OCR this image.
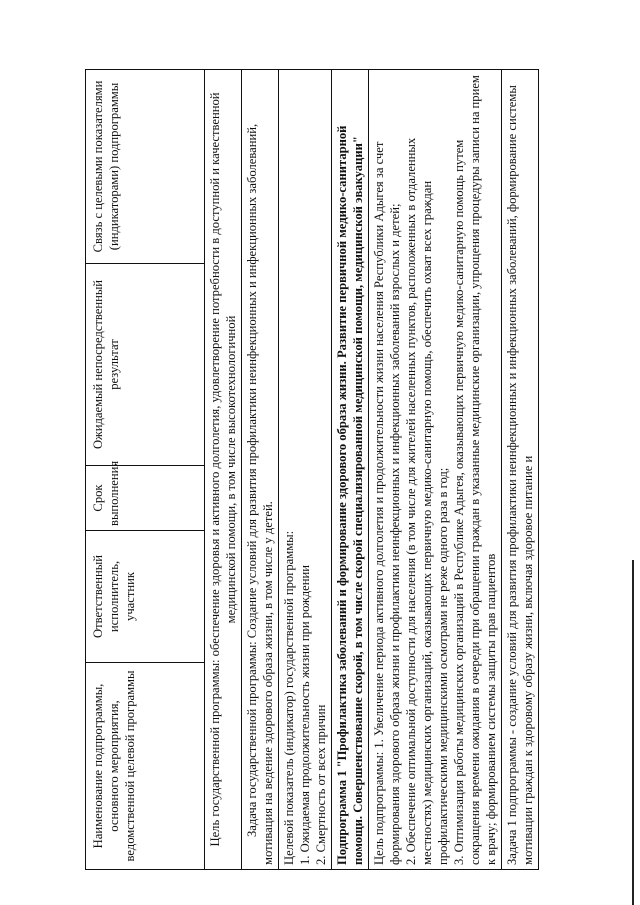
Наименование подпрограммы, основного мероприятия, ведомственной целевой программы	Ответственный исполнитель, участник	Срок выполнения	Ожидаемый непосредственный результат	Связь с целевыми показателями (индикаторами) подпрограммы
Цель государственной программы: обеспечение здоровья и активного долголетия, удовлетворение потребности в доступной и качественной медицинской помощи, в том числе высокотехнологичной
Задача государственной программы: Создание условий для развития профилактики неинфекционных и инфекционных заболеваний, мотивация на ведение здорового образа жизни, в том числе у детей.

Целевой показатель (индикатор) государственной программы: 1. Ожидаемая продолжительность жизни при рождении 2. Смертность от всех причин

Подпрограмма 1 "Профилактика заболеваний и формирование здорового образа жизни. Развитие первичной медико-санитарной помощи. Совершенствование скорой, в том числе скорой специализированной медицинской помощи, медицинской эвакуации"

Цель подпрограммы: 1. Увеличение периода активного долголетия и продолжительности жизни населения Республики Адыгея за счет формирования здорового образа жизни и профилактики неинфекционных и инфекционных заболеваний взрослых и детей; 2. Обеспечение оптимальной доступности для населения (в том числе для жителей населенных пунктов, расположенных в отдаленных местностях) медицинских организаций, оказывающих первичную медико-санитарную помощь, обеспечить охват всех граждан профилактическими медицинскими осмотрами не реже одного раза в год; 3. Оптимизация работы медицинских организаций в Республике Адыгея, оказывающих первичную медико-санитарную помощь путем сокращения времени ожидания в очереди при обращении граждан в указанные медицинские организации, упрощения процедуры записи на прием к врачу; формированием системы защиты прав пациентов

Задача 1 подпрограммы - создание условий для развития профилактики неинфекционных и инфекционных заболеваний, формирование системы мотивации граждан к здоровому образу жизни, включая здоровое питание и
